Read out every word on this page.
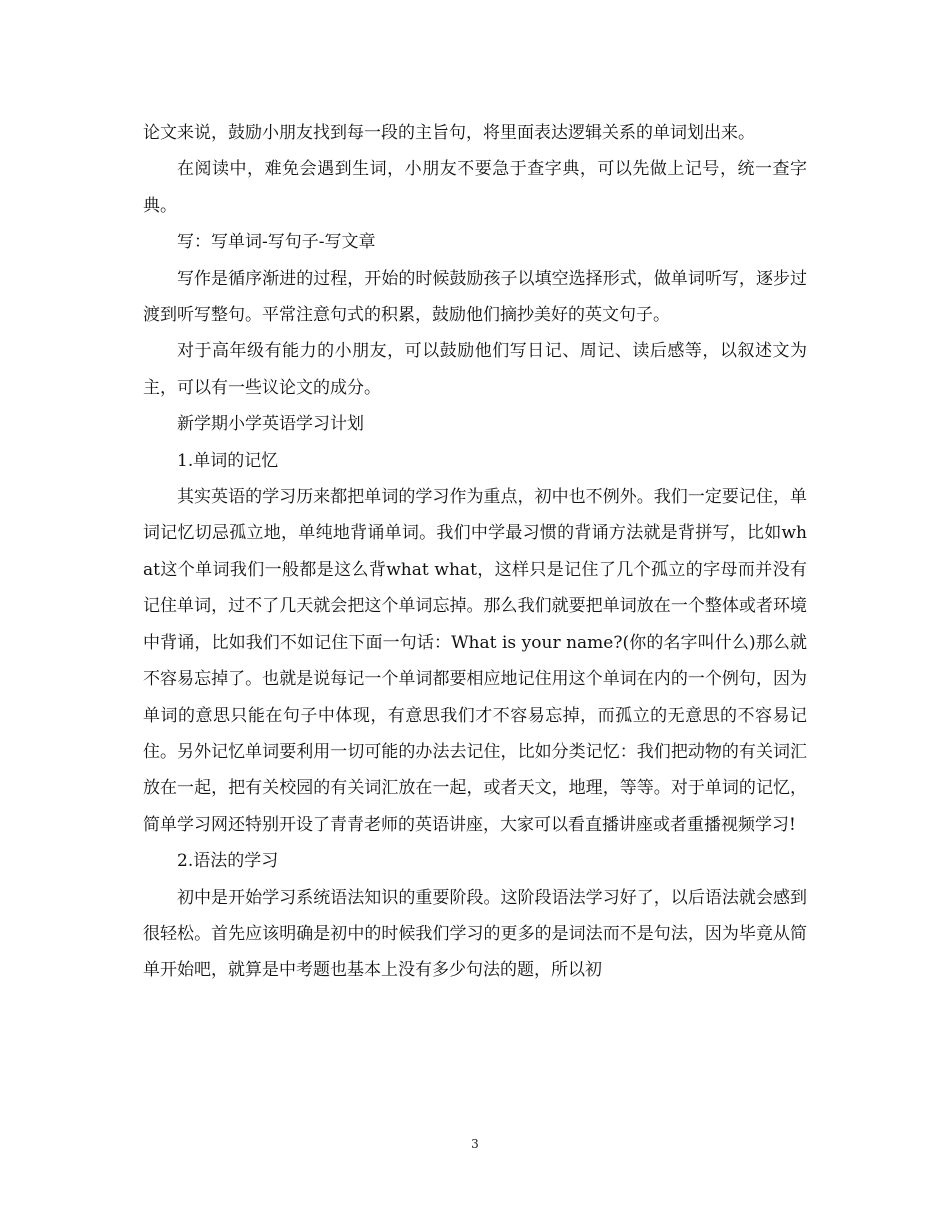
论文来说，鼓励小朋友找到每一段的主旨句，将里面表达逻辑关系的单词划出来。

在阅读中，难免会遇到生词，小朋友不要急于查字典，可以先做上记号，统一查字典。

写：写单词-写句子-写文章

写作是循序渐进的过程，开始的时候鼓励孩子以填空选择形式，做单词听写，逐步过渡到听写整句。平常注意句式的积累，鼓励他们摘抄美好的英文句子。

对于高年级有能力的小朋友，可以鼓励他们写日记、周记、读后感等，以叙述文为主，可以有一些议论文的成分。

新学期小学英语学习计划

1.单词的记忆

其实英语的学习历来都把单词的学习作为重点，初中也不例外。我们一定要记住，单词记忆切忌孤立地，单纯地背诵单词。我们中学最习惯的背诵方法就是背拼写，比如what这个单词我们一般都是这么背what what，这样只是记住了几个孤立的字母而并没有记住单词，过不了几天就会把这个单词忘掉。那么我们就要把单词放在一个整体或者环境中背诵，比如我们不如记住下面一句话：What is your name?(你的名字叫什么)那么就不容易忘掉了。也就是说每记一个单词都要相应地记住用这个单词在内的一个例句，因为单词的意思只能在句子中体现，有意思我们才不容易忘掉，而孤立的无意思的不容易记住。另外记忆单词要利用一切可能的办法去记住，比如分类记忆：我们把动物的有关词汇放在一起，把有关校园的有关词汇放在一起，或者天文，地理，等等。对于单词的记忆，简单学习网还特别开设了青青老师的英语讲座，大家可以看直播讲座或者重播视频学习!

2.语法的学习

初中是开始学习系统语法知识的重要阶段。这阶段语法学习好了，以后语法就会感到很轻松。首先应该明确是初中的时候我们学习的更多的是词法而不是句法，因为毕竟从简单开始吧，就算是中考题也基本上没有多少句法的题，所以初

3
